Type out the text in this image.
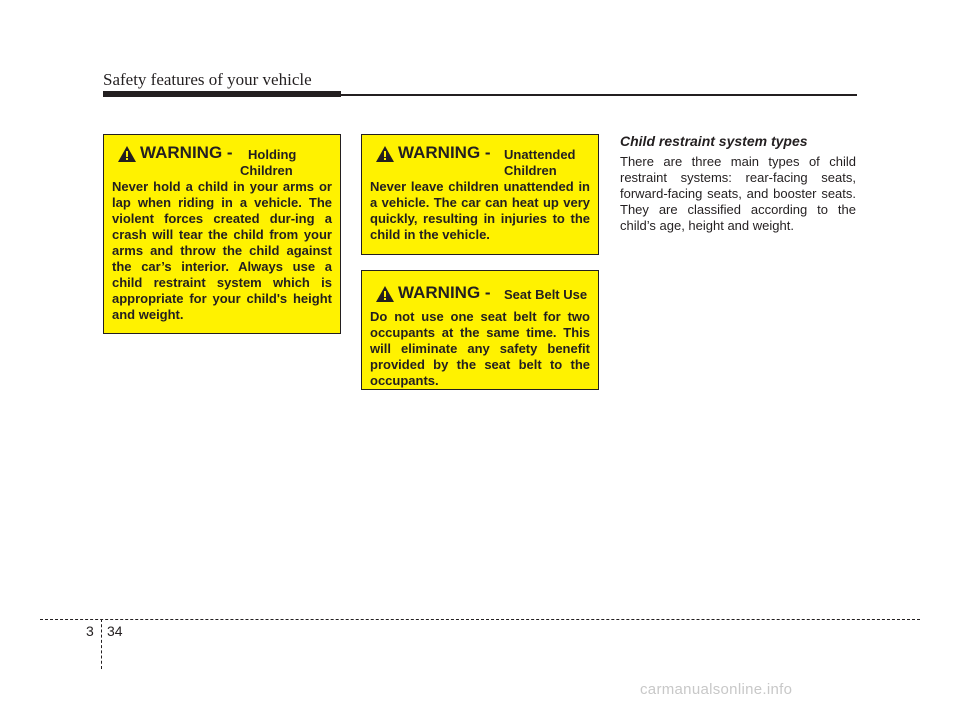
Safety features of your vehicle
WARNING - Holding
Children
Never hold a child in your arms or lap when riding in a vehicle. The violent forces created dur-ing a crash will tear the child from your arms and throw the child against the car’s interior. Always use a child restraint system which is appropriate for your child's height and weight.
WARNING - Unattended
Children
Never leave children unattended in a vehicle. The car can heat up very quickly, resulting in injuries to the child in the vehicle.
WARNING - Seat Belt Use
Do not use one seat belt for two occupants at the same time. This will eliminate any safety benefit provided by the seat belt to the occupants.
Child restraint system types
There are three main types of child restraint systems: rear-facing seats, forward-facing seats, and booster seats. They are classified according to the child’s age, height and weight.
3 34
carmanualsonline.info
